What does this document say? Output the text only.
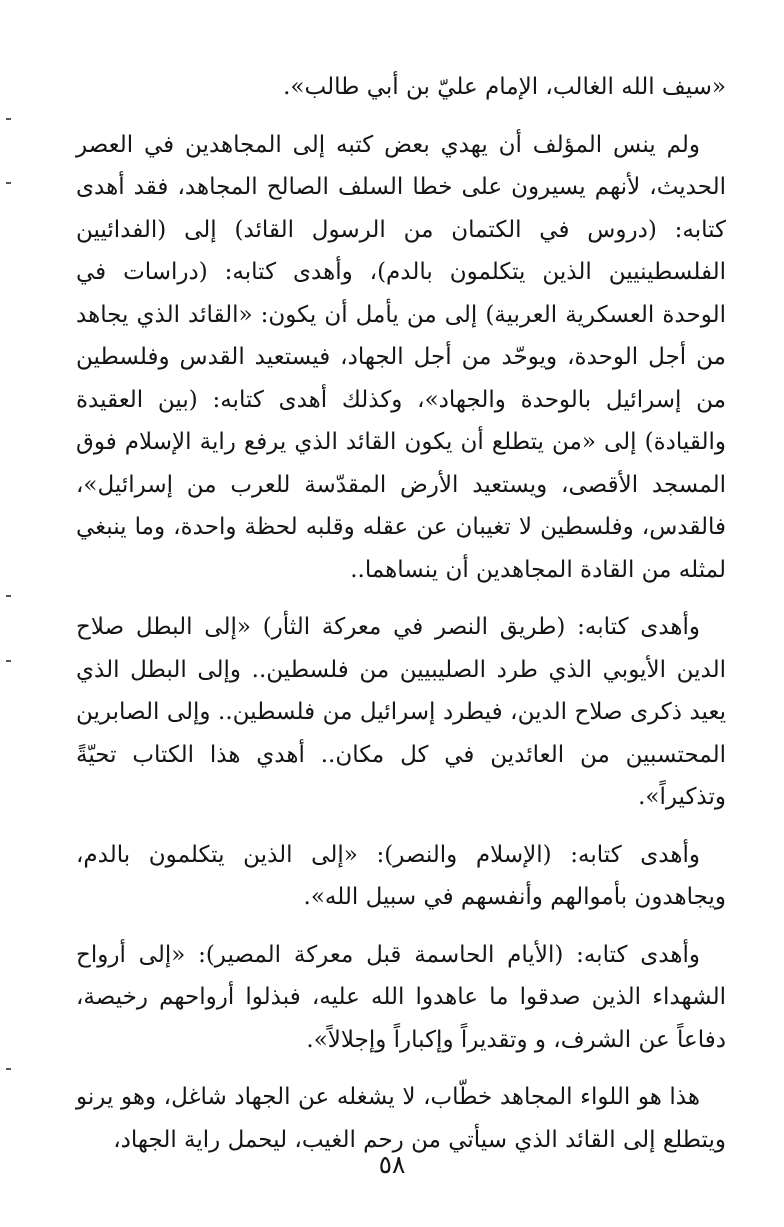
«سيف الله الغالب، الإمام عليّ بن أبي طالب».

ولم ينس المؤلف أن يهدي بعض كتبه إلى المجاهدين في العصر الحديث، لأنهم يسيرون على خطا السلف الصالح المجاهد، فقد أهدى كتابه: (دروس في الكتمان من الرسول القائد) إلى (الفدائيين الفلسطينيين الذين يتكلمون بالدم)، وأهدى كتابه: (دراسات في الوحدة العسكرية العربية) إلى من يأمل أن يكون: «القائد الذي يجاهد من أجل الوحدة، ويوحّد من أجل الجهاد، فيستعيد القدس وفلسطين من إسرائيل بالوحدة والجهاد»، وكذلك أهدى كتابه: (بين العقيدة والقيادة) إلى «من يتطلع أن يكون القائد الذي يرفع راية الإسلام فوق المسجد الأقصى، ويستعيد الأرض المقدّسة للعرب من إسرائيل»، فالقدس، وفلسطين لا تغيبان عن عقله وقلبه لحظة واحدة، وما ينبغي لمثله من القادة المجاهدين أن ينساهما..

وأهدى كتابه: (طريق النصر في معركة الثأر) «إلى البطل صلاح الدين الأيوبي الذي طرد الصليبيين من فلسطين.. وإلى البطل الذي يعيد ذكرى صلاح الدين، فيطرد إسرائيل من فلسطين.. وإلى الصابرين المحتسبين من العائدين في كل مكان.. أهدي هذا الكتاب تحيّةً وتذكيراً».

وأهدى كتابه: (الإسلام والنصر): «إلى الذين يتكلمون بالدم، ويجاهدون بأموالهم وأنفسهم في سبيل الله».

وأهدى كتابه: (الأيام الحاسمة قبل معركة المصير): «إلى أرواح الشهداء الذين صدقوا ما عاهدوا الله عليه، فبذلوا أرواحهم رخيصة، دفاعاً عن الشرف، و وتقديراً وإكباراً وإجلالاً».

هذا هو اللواء المجاهد خطّاب، لا يشغله عن الجهاد شاغل، وهو يرنو ويتطلع إلى القائد الذي سيأتي من رحم الغيب، ليحمل راية الجهاد،

٥٨
